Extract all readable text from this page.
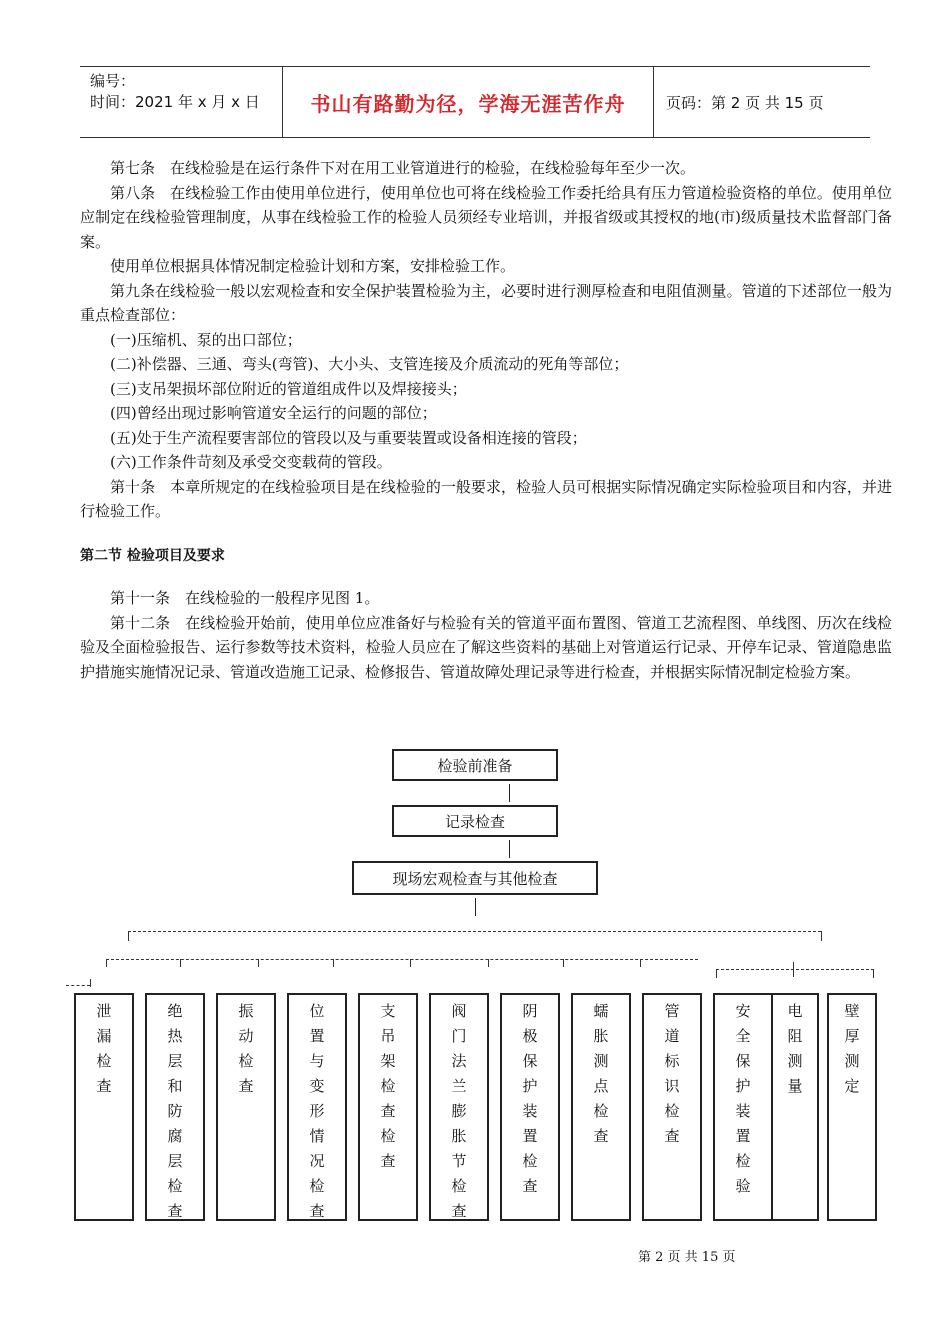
编号：
时间：2021 年 x 月 x 日	书山有路勤为径，学海无涯苦作舟	页码：第 2 页 共 15 页

第七条　在线检验是在运行条件下对在用工业管道进行的检验，在线检验每年至少一次。

第八条　在线检验工作由使用单位进行，使用单位也可将在线检验工作委托给具有压力管道检验资格的单位。使用单位应制定在线检验管理制度，从事在线检验工作的检验人员须经专业培训，并报省级或其授权的地(市)级质量技术监督部门备案。

使用单位根据具体情况制定检验计划和方案，安排检验工作。

第九条在线检验一般以宏观检查和安全保护装置检验为主，必要时进行测厚检查和电阻值测量。管道的下述部位一般为重点检查部位：

(一)压缩机、泵的出口部位；

(二)补偿器、三通、弯头(弯管)、大小头、支管连接及介质流动的死角等部位；

(三)支吊架损坏部位附近的管道组成件以及焊接接头；

(四)曾经出现过影响管道安全运行的问题的部位；

(五)处于生产流程要害部位的管段以及与重要装置或设备相连接的管段；

(六)工作条件苛刻及承受交变载荷的管段。

第十条　本章所规定的在线检验项目是在线检验的一般要求，检验人员可根据实际情况确定实际检验项目和内容，并进行检验工作。

第二节 检验项目及要求

第十一条　在线检验的一般程序见图 1。

第十二条　在线检验开始前，使用单位应准备好与检验有关的管道平面布置图、管道工艺流程图、单线图、历次在线检验及全面检验报告、运行参数等技术资料，检验人员应在了解这些资料的基础上对管道运行记录、开停车记录、管道隐患监护措施实施情况记录、管道改造施工记录、检修报告、管道故障处理记录等进行检查，并根据实际情况制定检验方案。

检验前准备
记录检查
现场宏观检查与其他检查
泄漏检查
绝热层和防腐层检查
振动检查
位置与变形情况检查
支吊架检查检查
阀门法兰膨胀节检查
阴极保护装置检查
蠕胀测点检查
管道标识检查
安全保护装置检验
电阻测量
壁厚测定
第 2 页 共 15 页
